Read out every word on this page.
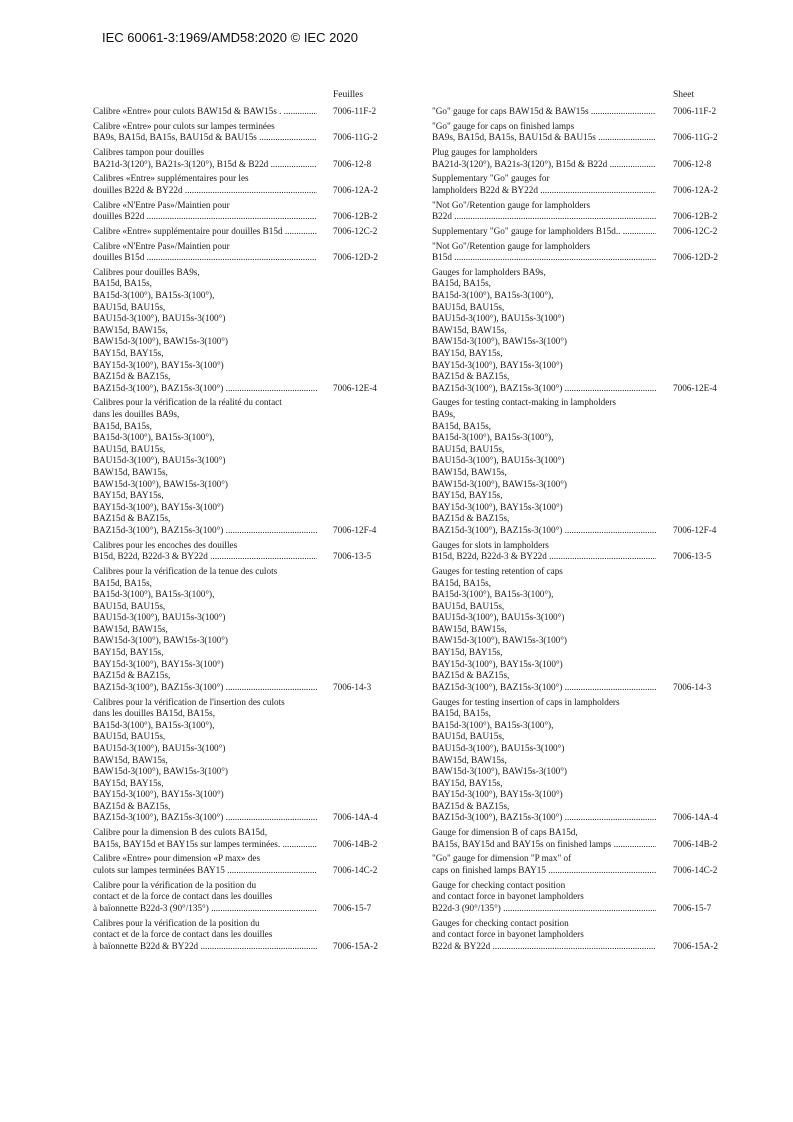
IEC 60061-3:1969/AMD58:2020 © IEC 2020
Feuilles	Sheet
Calibre «Entre» pour culots BAW15d & BAW15s . .....	7006-11F-2
Calibre «Entre» pour culots sur lampes terminées
BA9s, BA15d, BA15s, BAU15d & BAU15s .....	7006-11G-2
Calibres tampon pour douilles
BA21d-3(120°), BA21s-3(120°), B15d & B22d .....	7006-12-8
Calibres «Entre» supplémentaires pour les
douilles B22d & BY22d .....	7006-12A-2
Calibre «N'Entre Pas»/Maintien pour
douilles B22d .....	7006-12B-2
Calibre «Entre» supplémentaire pour douilles B15d .....	7006-12C-2
Calibre «N'Entre Pas»/Maintien pour
douilles B15d .....	7006-12D-2
Calibres pour douilles BA9s,
BA15d, BA15s,
BA15d-3(100°), BA15s-3(100°),
BAU15d, BAU15s,
BAU15d-3(100°), BAU15s-3(100°)
BAW15d, BAW15s,
BAW15d-3(100°), BAW15s-3(100°)
BAY15d, BAY15s,
BAY15d-3(100°), BAY15s-3(100°)
BAZ15d & BAZ15s,
BAZ15d-3(100°), BAZ15s-3(100°) .....	7006-12E-4
Calibres pour la vérification de la réalité du contact
dans les douilles BA9s,
BA15d, BA15s,
BA15d-3(100°), BA15s-3(100°),
BAU15d, BAU15s,
BAU15d-3(100°), BAU15s-3(100°)
BAW15d, BAW15s,
BAW15d-3(100°), BAW15s-3(100°)
BAY15d, BAY15s,
BAY15d-3(100°), BAY15s-3(100°)
BAZ15d & BAZ15s,
BAZ15d-3(100°), BAZ15s-3(100°) .....	7006-12F-4
Calibres pour les encoches des douilles
B15d, B22d, B22d-3 & BY22d .....	7006-13-5
Calibres pour la vérification de la tenue des culots
BA15d, BA15s,
BA15d-3(100°), BA15s-3(100°),
BAU15d, BAU15s,
BAU15d-3(100°), BAU15s-3(100°)
BAW15d, BAW15s,
BAW15d-3(100°), BAW15s-3(100°)
BAY15d, BAY15s,
BAY15d-3(100°), BAY15s-3(100°)
BAZ15d & BAZ15s,
BAZ15d-3(100°), BAZ15s-3(100°) .....	7006-14-3
Calibres pour la vérification de l'insertion des culots
dans les douilles BA15d, BA15s,
BA15d-3(100°), BA15s-3(100°),
BAU15d, BAU15s,
BAU15d-3(100°), BAU15s-3(100°)
BAW15d, BAW15s,
BAW15d-3(100°), BAW15s-3(100°)
BAY15d, BAY15s,
BAY15d-3(100°), BAY15s-3(100°)
BAZ15d & BAZ15s,
BAZ15d-3(100°), BAZ15s-3(100°) .....	7006-14A-4
Calibre pour la dimension B des culots BA15d,
BA15s, BAY15d et BAY15s sur lampes terminées. .....	7006-14B-2
Calibre «Entre» pour dimension «P max» des
culots sur lampes terminées BAY15 .....	7006-14C-2
Calibre pour la vérification de la position du
contact et de la force de contact dans les douilles
à baïonnette B22d-3 (90°/135°) .....	7006-15-7
Calibres pour la vérification de la position du
contact et de la force de contact dans les douilles
à baïonnette B22d & BY22d .....	7006-15A-2
"Go" gauge for caps BAW15d & BAW15s .....	7006-11F-2
"Go" gauge for caps on finished lamps
BA9s, BA15d, BA15s, BAU15d & BAU15s .....	7006-11G-2
Plug gauges for lampholders
BA21d-3(120°), BA21s-3(120°), B15d & B22d .....	7006-12-8
Supplementary "Go" gauges for
lampholders B22d & BY22d .....	7006-12A-2
"Not Go"/Retention gauge for lampholders
B22d .....	7006-12B-2
Supplementary "Go" gauge for lampholders B15d.. .....	7006-12C-2
"Not Go"/Retention gauge for lampholders
B15d .....	7006-12D-2
Gauges for lampholders BA9s,
BA15d, BA15s,
BA15d-3(100°), BA15s-3(100°),
BAU15d, BAU15s,
BAU15d-3(100°), BAU15s-3(100°)
BAW15d, BAW15s,
BAW15d-3(100°), BAW15s-3(100°)
BAY15d, BAY15s,
BAY15d-3(100°), BAY15s-3(100°)
BAZ15d & BAZ15s,
BAZ15d-3(100°), BAZ15s-3(100°) .....	7006-12E-4
Gauges for testing contact-making in lampholders
BA9s,
BA15d, BA15s,
BA15d-3(100°), BA15s-3(100°),
BAU15d, BAU15s,
BAU15d-3(100°), BAU15s-3(100°)
BAW15d, BAW15s,
BAW15d-3(100°), BAW15s-3(100°)
BAY15d, BAY15s,
BAY15d-3(100°), BAY15s-3(100°)
BAZ15d & BAZ15s,
BAZ15d-3(100°), BAZ15s-3(100°) .....	7006-12F-4
Gauges for slots in lampholders
B15d, B22d, B22d-3 & BY22d .....	7006-13-5
Gauges for testing retention of caps
BA15d, BA15s,
BA15d-3(100°), BA15s-3(100°),
BAU15d, BAU15s,
BAU15d-3(100°), BAU15s-3(100°)
BAW15d, BAW15s,
BAW15d-3(100°), BAW15s-3(100°)
BAY15d, BAY15s,
BAY15d-3(100°), BAY15s-3(100°)
BAZ15d & BAZ15s,
BAZ15d-3(100°), BAZ15s-3(100°) .....	7006-14-3
Gauges for testing insertion of caps in lampholders
BA15d, BA15s,
BA15d-3(100°), BA15s-3(100°),
BAU15d, BAU15s,
BAU15d-3(100°), BAU15s-3(100°)
BAW15d, BAW15s,
BAW15d-3(100°), BAW15s-3(100°)
BAY15d, BAY15s,
BAY15d-3(100°), BAY15s-3(100°)
BAZ15d & BAZ15s,
BAZ15d-3(100°), BAZ15s-3(100°) .....	7006-14A-4
Gauge for dimension B of caps BA15d,
BA15s, BAY15d and BAY15s on finished lamps .....	7006-14B-2
"Go" gauge for dimension "P max" of
caps on finished lamps BAY15 .....	7006-14C-2
Gauge for checking contact position
and contact force in bayonet lampholders
B22d-3 (90°/135°) .....	7006-15-7
Gauges for checking contact position
and contact force in bayonet lampholders
B22d & BY22d .....	7006-15A-2
